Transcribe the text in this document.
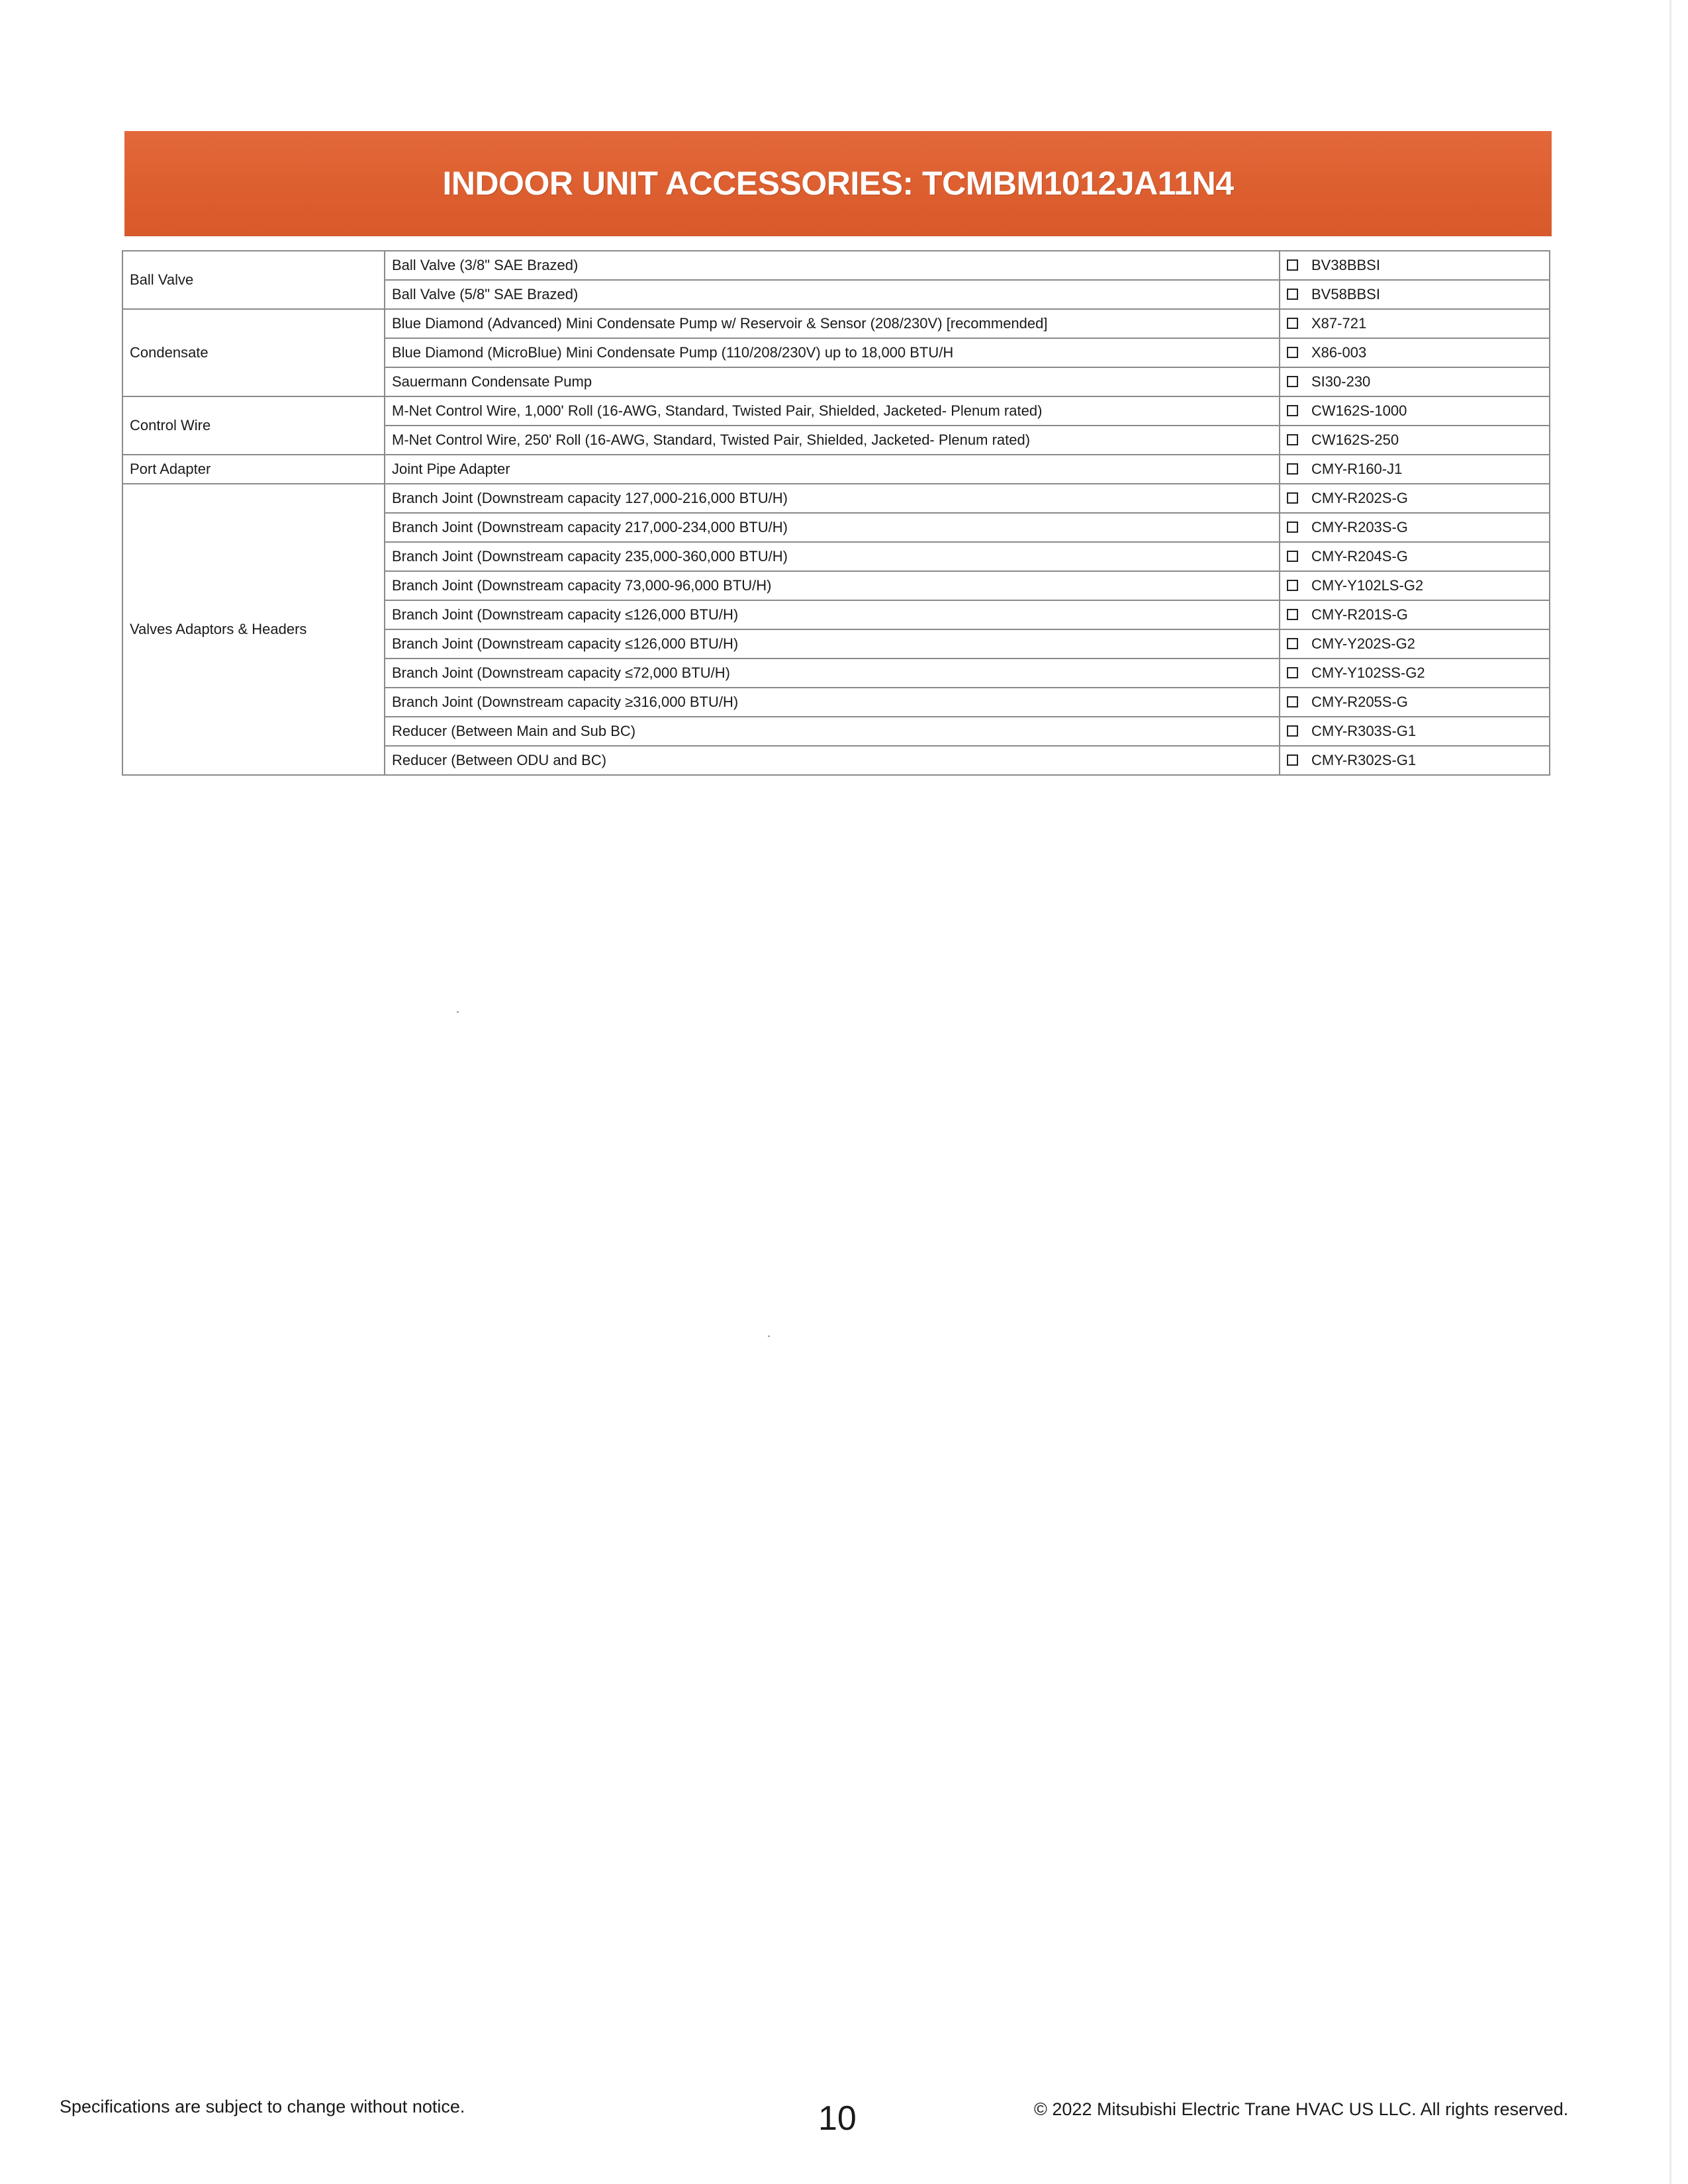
INDOOR UNIT ACCESSORIES: TCMBM1012JA11N4
Ball Valve	Ball Valve (3/8" SAE Brazed)	BV38BBSI
	Ball Valve (5/8" SAE Brazed)	BV58BBSI
Condensate	Blue Diamond (Advanced) Mini Condensate Pump w/ Reservoir & Sensor (208/230V) [recommended]	X87-721
	Blue Diamond (MicroBlue) Mini Condensate Pump (110/208/230V) up to 18,000 BTU/H	X86-003
	Sauermann Condensate Pump	SI30-230
Control Wire	M-Net Control Wire, 1,000' Roll (16-AWG, Standard, Twisted Pair, Shielded, Jacketed- Plenum rated)	CW162S-1000
	M-Net Control Wire, 250' Roll (16-AWG, Standard, Twisted Pair, Shielded, Jacketed- Plenum rated)	CW162S-250
Port Adapter	Joint Pipe Adapter	CMY-R160-J1
Valves Adaptors & Headers	Branch Joint (Downstream capacity 127,000-216,000 BTU/H)	CMY-R202S-G
	Branch Joint (Downstream capacity 217,000-234,000 BTU/H)	CMY-R203S-G
	Branch Joint (Downstream capacity 235,000-360,000 BTU/H)	CMY-R204S-G
	Branch Joint (Downstream capacity 73,000-96,000 BTU/H)	CMY-Y102LS-G2
	Branch Joint (Downstream capacity ≤126,000 BTU/H)	CMY-R201S-G
	Branch Joint (Downstream capacity ≤126,000 BTU/H)	CMY-Y202S-G2
	Branch Joint (Downstream capacity ≤72,000 BTU/H)	CMY-Y102SS-G2
	Branch Joint (Downstream capacity ≥316,000 BTU/H)	CMY-R205S-G
	Reducer (Between Main and Sub BC)	CMY-R303S-G1
	Reducer (Between ODU and BC)	CMY-R302S-G1
Specifications are subject to change without notice.	10	© 2022 Mitsubishi Electric Trane HVAC US LLC. All rights reserved.
